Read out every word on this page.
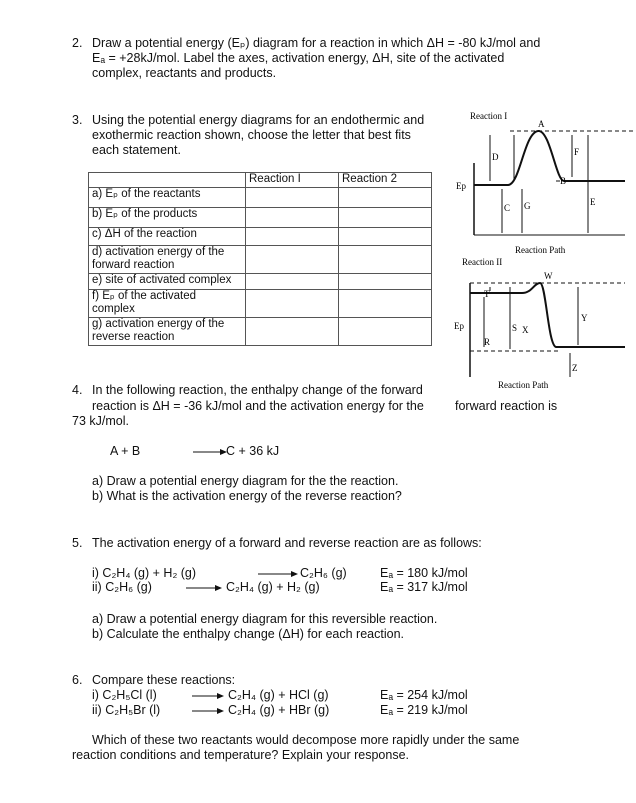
2. Draw a potential energy (Eₚ) diagram for a reaction in which ΔH = -80 kJ/mol and
Eₐ = +28kJ/mol. Label the axes, activation energy, ΔH, site of the activated
complex, reactants and products.
3. Using the potential energy diagrams for an endothermic and
exothermic reaction shown, choose the letter that best fits
each statement.
	Reaction I	Reaction 2
a) Eₚ of the reactants		
b) Eₚ of the products		
c) ΔH of the reaction		
d) activation energy of the forward reaction		
e) site of activated complex		
f) Eₚ of the activated complex		
g) activation energy of the reverse reaction		
Reaction I
Ep
A
B
C
D
E
F
G
Reaction Path
Reaction II
Ep
W
T
S X
R
Y
Z
Reaction Path
4. In the following reaction, the enthalpy change of the forward
forward reaction is
reaction is ΔH = -36 kJ/mol and the activation energy for the
73 kJ/mol.
A + B	→ C + 36 kJ
a) Draw a potential energy diagram for the the reaction.
b) What is the activation energy of the reverse reaction?
5. The activation energy of a forward and reverse reaction are as follows:
i) C₂H₄ (g) + H₂ (g)	→ C₂H₆ (g)	Eₐ = 180 kJ/mol
ii) C₂H₆ (g)	→ C₂H₄ (g) + H₂ (g)	Eₐ = 317 kJ/mol
a) Draw a potential energy diagram for this reversible reaction.
b) Calculate the enthalpy change (ΔH) for each reaction.
6. Compare these reactions:
i) C₂H₅Cl (l)	→ C₂H₄ (g) + HCl (g)	Eₐ = 254 kJ/mol
ii) C₂H₅Br (l)	→ C₂H₄ (g) + HBr (g)	Eₐ = 219 kJ/mol
Which of these two reactants would decompose more rapidly under the same
reaction conditions and temperature? Explain your response.
